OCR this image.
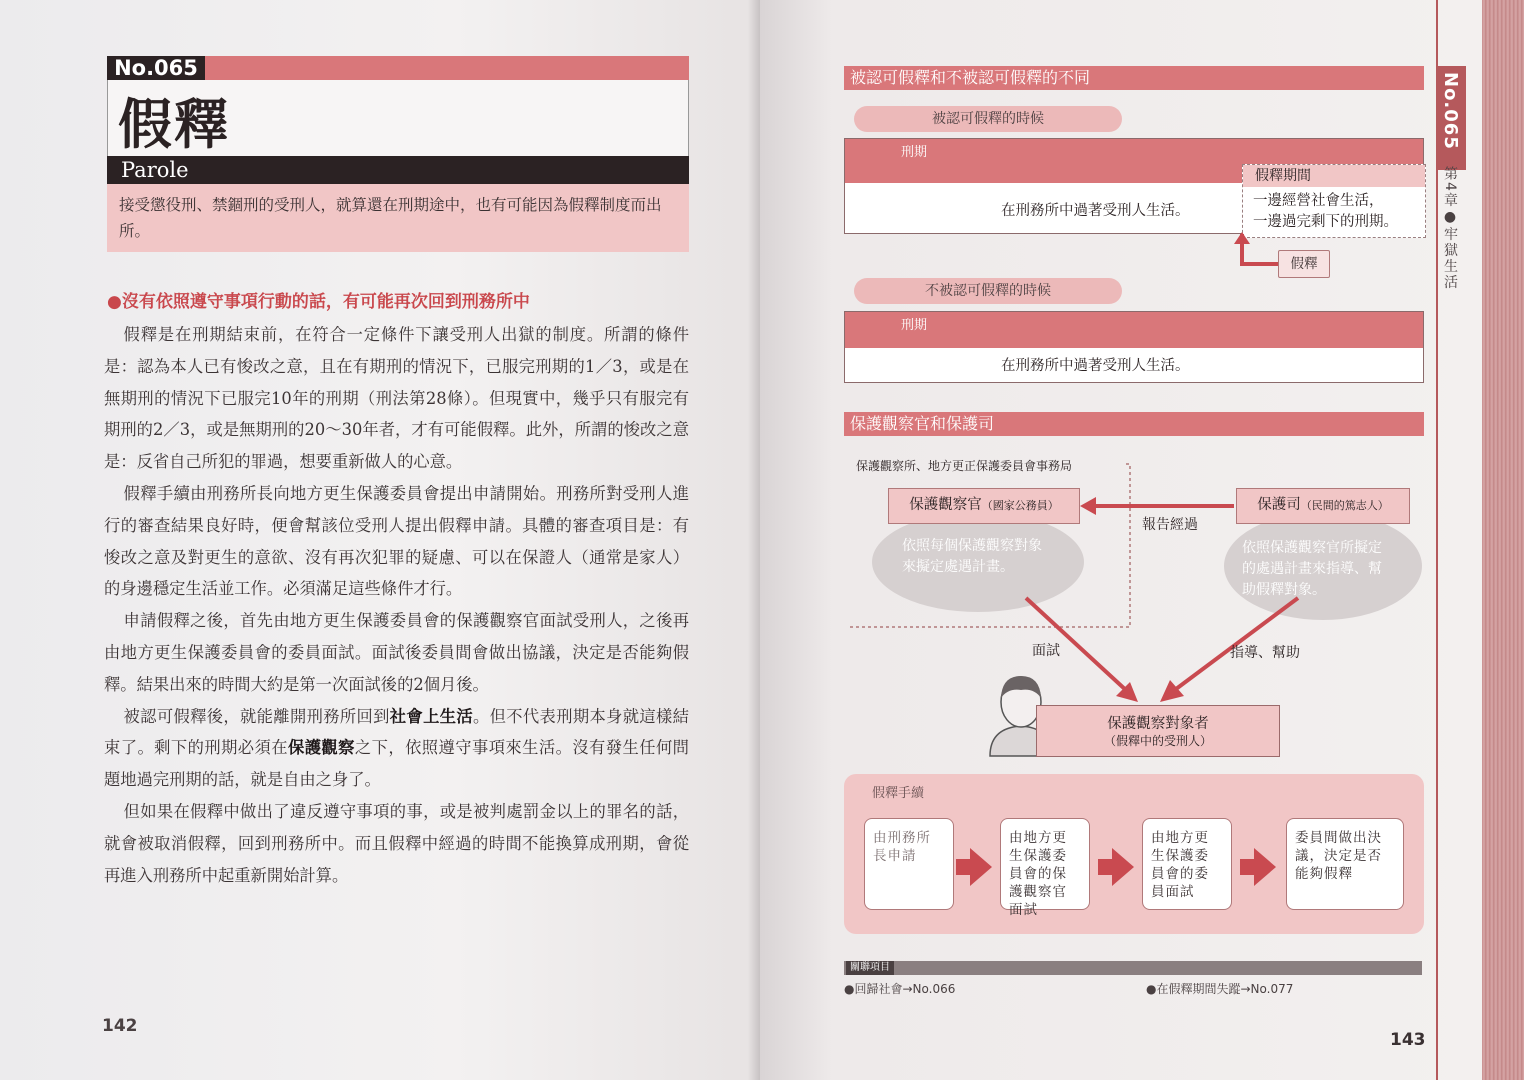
No.065
假釋
Parole
接受懲役刑、禁錮刑的受刑人，就算還在刑期途中，也有可能因為假釋制度而出所。
●沒有依照遵守事項行動的話，有可能再次回到刑務所中

假釋是在刑期結束前，在符合一定條件下讓受刑人出獄的制度。所謂的條件是：認為本人已有悛改之意，且在有期刑的情況下，已服完刑期的1／3，或是在無期刑的情況下已服完10年的刑期（刑法第28條）。但現實中，幾乎只有服完有期刑的2／3，或是無期刑的20～30年者，才有可能假釋。此外，所謂的悛改之意是：反省自己所犯的罪過，想要重新做人的心意。

假釋手續由刑務所長向地方更生保護委員會提出申請開始。刑務所對受刑人進行的審查結果良好時，便會幫該位受刑人提出假釋申請。具體的審查項目是：有悛改之意及對更生的意欲、沒有再次犯罪的疑慮、可以在保證人（通常是家人）的身邊穩定生活並工作。必須滿足這些條件才行。

申請假釋之後，首先由地方更生保護委員會的保護觀察官面試受刑人，之後再由地方更生保護委員會的委員面試。面試後委員間會做出協議，決定是否能夠假釋。結果出來的時間大約是第一次面試後的2個月後。

被認可假釋後，就能離開刑務所回到社會上生活。但不代表刑期本身就這樣結束了。剩下的刑期必須在保護觀察之下，依照遵守事項來生活。沒有發生任何問題地過完刑期的話，就是自由之身了。

但如果在假釋中做出了違反遵守事項的事，或是被判處罰金以上的罪名的話，就會被取消假釋，回到刑務所中。而且假釋中經過的時間不能換算成刑期，會從再進入刑務所中起重新開始計算。

142
No.065
第4章●牢獄生活
被認可假釋和不被認可假釋的不同
被認可假釋的時候
刑期
在刑務所中過著受刑人生活。
假釋期間
一邊經營社會生活，
一邊過完剩下的刑期。
假釋
不被認可假釋的時候
刑期
在刑務所中過著受刑人生活。
保護觀察官和保護司
保護觀察所、地方更正保護委員會事務局
依照每個保護觀察對象
來擬定處遇計畫。
保護觀察官（國家公務員）
依照保護觀察官所擬定
的處遇計畫來指導、幫
助假釋對象。
保護司（民間的篤志人）
報告經過
面試	指導、幫助
保護觀察對象者
（假釋中的受刑人）
假釋手續
由刑務所長申請
由地方更生保護委員會的保護觀察官面試
由地方更生保護委員會的委員面試
委員間做出決議，決定是否能夠假釋
關聯項目
●回歸社會→No.066	●在假釋期間失蹤→No.077
143
